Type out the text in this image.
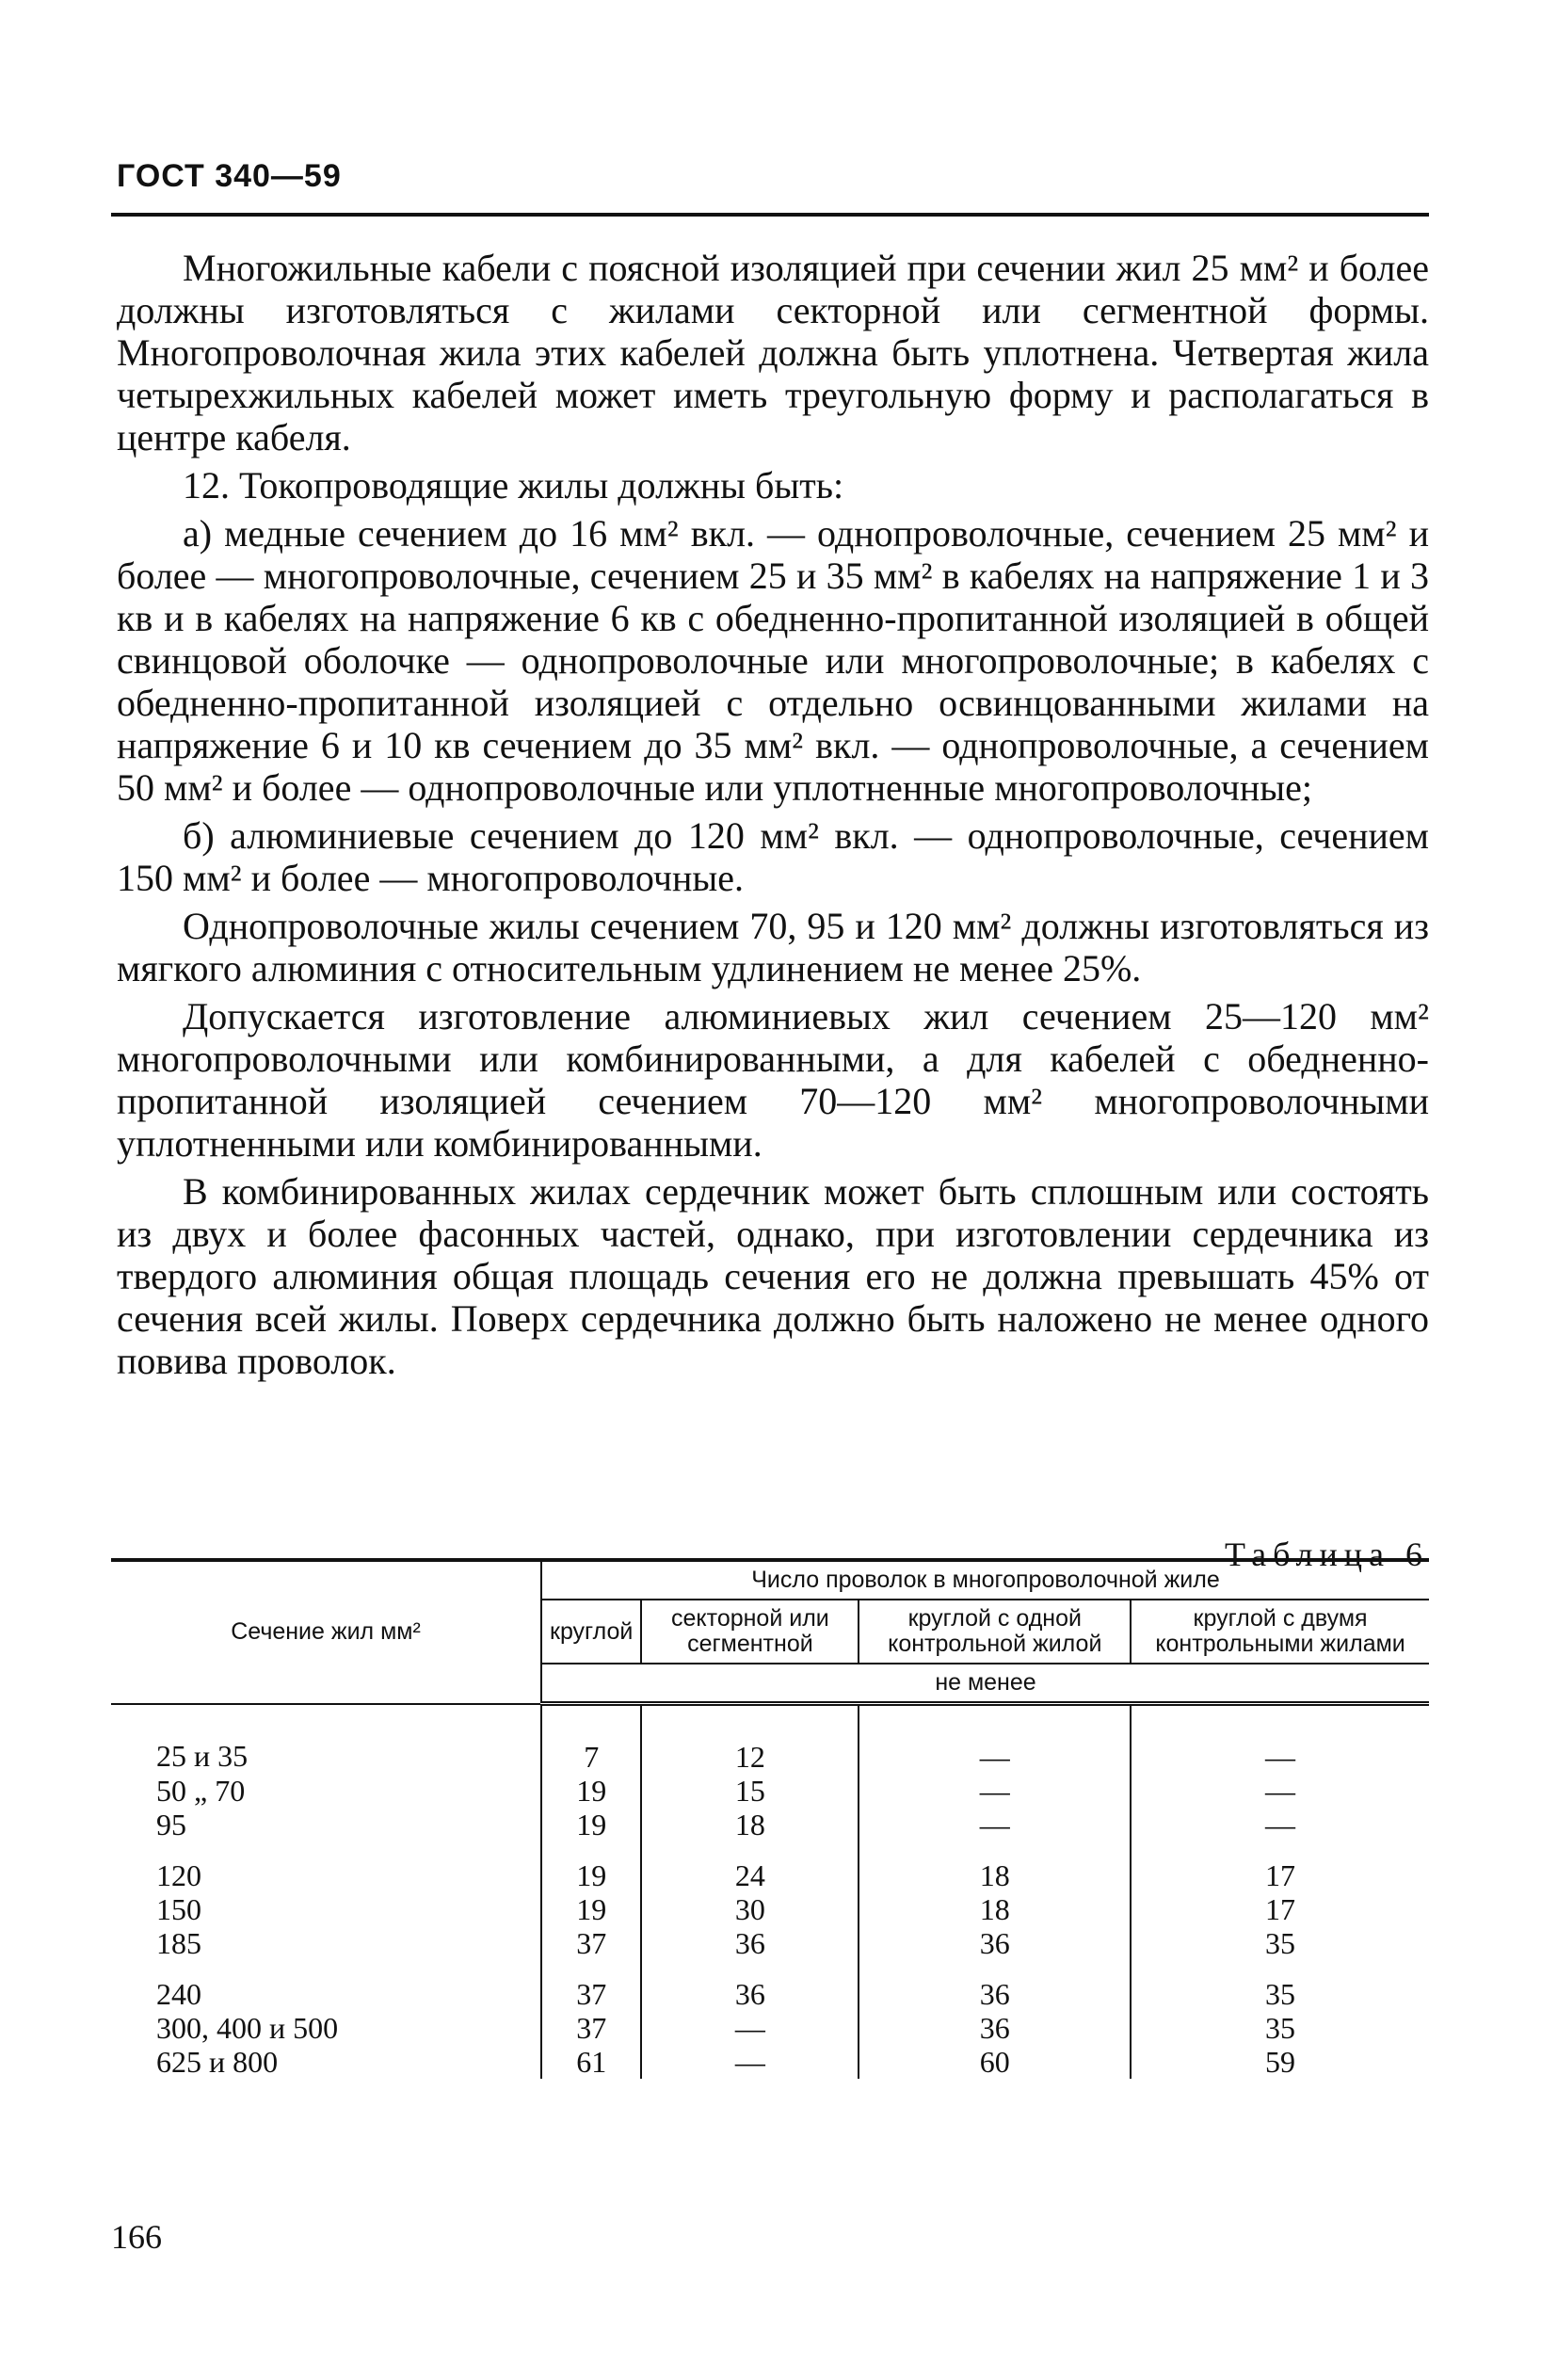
ГОСТ 340—59

Многожильные кабели с поясной изоляцией при сечении жил 25 мм² и более должны изготовляться с жилами секторной или сегментной формы. Многопроволочная жила этих кабелей должна быть уплотнена. Четвертая жила четырехжильных кабелей может иметь треугольную форму и располагаться в центре кабеля.

12. Токопроводящие жилы должны быть:

а) медные сечением до 16 мм² вкл. — однопроволочные, сечением 25 мм² и более — многопроволочные, сечением 25 и 35 мм² в кабелях на напряжение 1 и 3 кв и в кабелях на напряжение 6 кв с обедненно-пропитанной изоляцией в общей свинцовой оболочке — однопроволочные или многопроволочные; в кабелях с обедненно-пропитанной изоляцией с отдельно освинцованными жилами на напряжение 6 и 10 кв сечением до 35 мм² вкл. — однопроволочные, а сечением 50 мм² и более — однопроволочные или уплотненные многопроволочные;

б) алюминиевые сечением до 120 мм² вкл. — однопроволочные, сечением 150 мм² и более — многопроволочные.

Однопроволочные жилы сечением 70, 95 и 120 мм² должны изготовляться из мягкого алюминия с относительным удлинением не менее 25%.

Допускается изготовление алюминиевых жил сечением 25—120 мм² многопроволочными или комбинированными, а для кабелей с обедненно-пропитанной изоляцией сечением 70—120 мм² многопроволочными уплотненными или комбинированными.

В комбинированных жилах сердечник может быть сплошным или состоять из двух и более фасонных частей, однако, при изготовлении сердечника из твердого алюминия общая площадь сечения его не должна превышать 45% от сечения всей жилы. Поверх сердечника должно быть наложено не менее одного повива проволок.

Таблица 6
Сечение жил мм²	Число проволок в многопроволочной жиле			
	круглой	секторной или сегментной	круглой с одной контрольной жилой	круглой с двумя контрольными жилами
	не менее			
25 и 35	7	12	—	—
50 „ 70	19	15	—	—
95	19	18	—	—
120	19	24	18	17
150	19	30	18	17
185	37	36	36	35
240	37	36	36	35
300, 400 и 500	37	—	36	35
625 и 800	61	—	60	59
166
